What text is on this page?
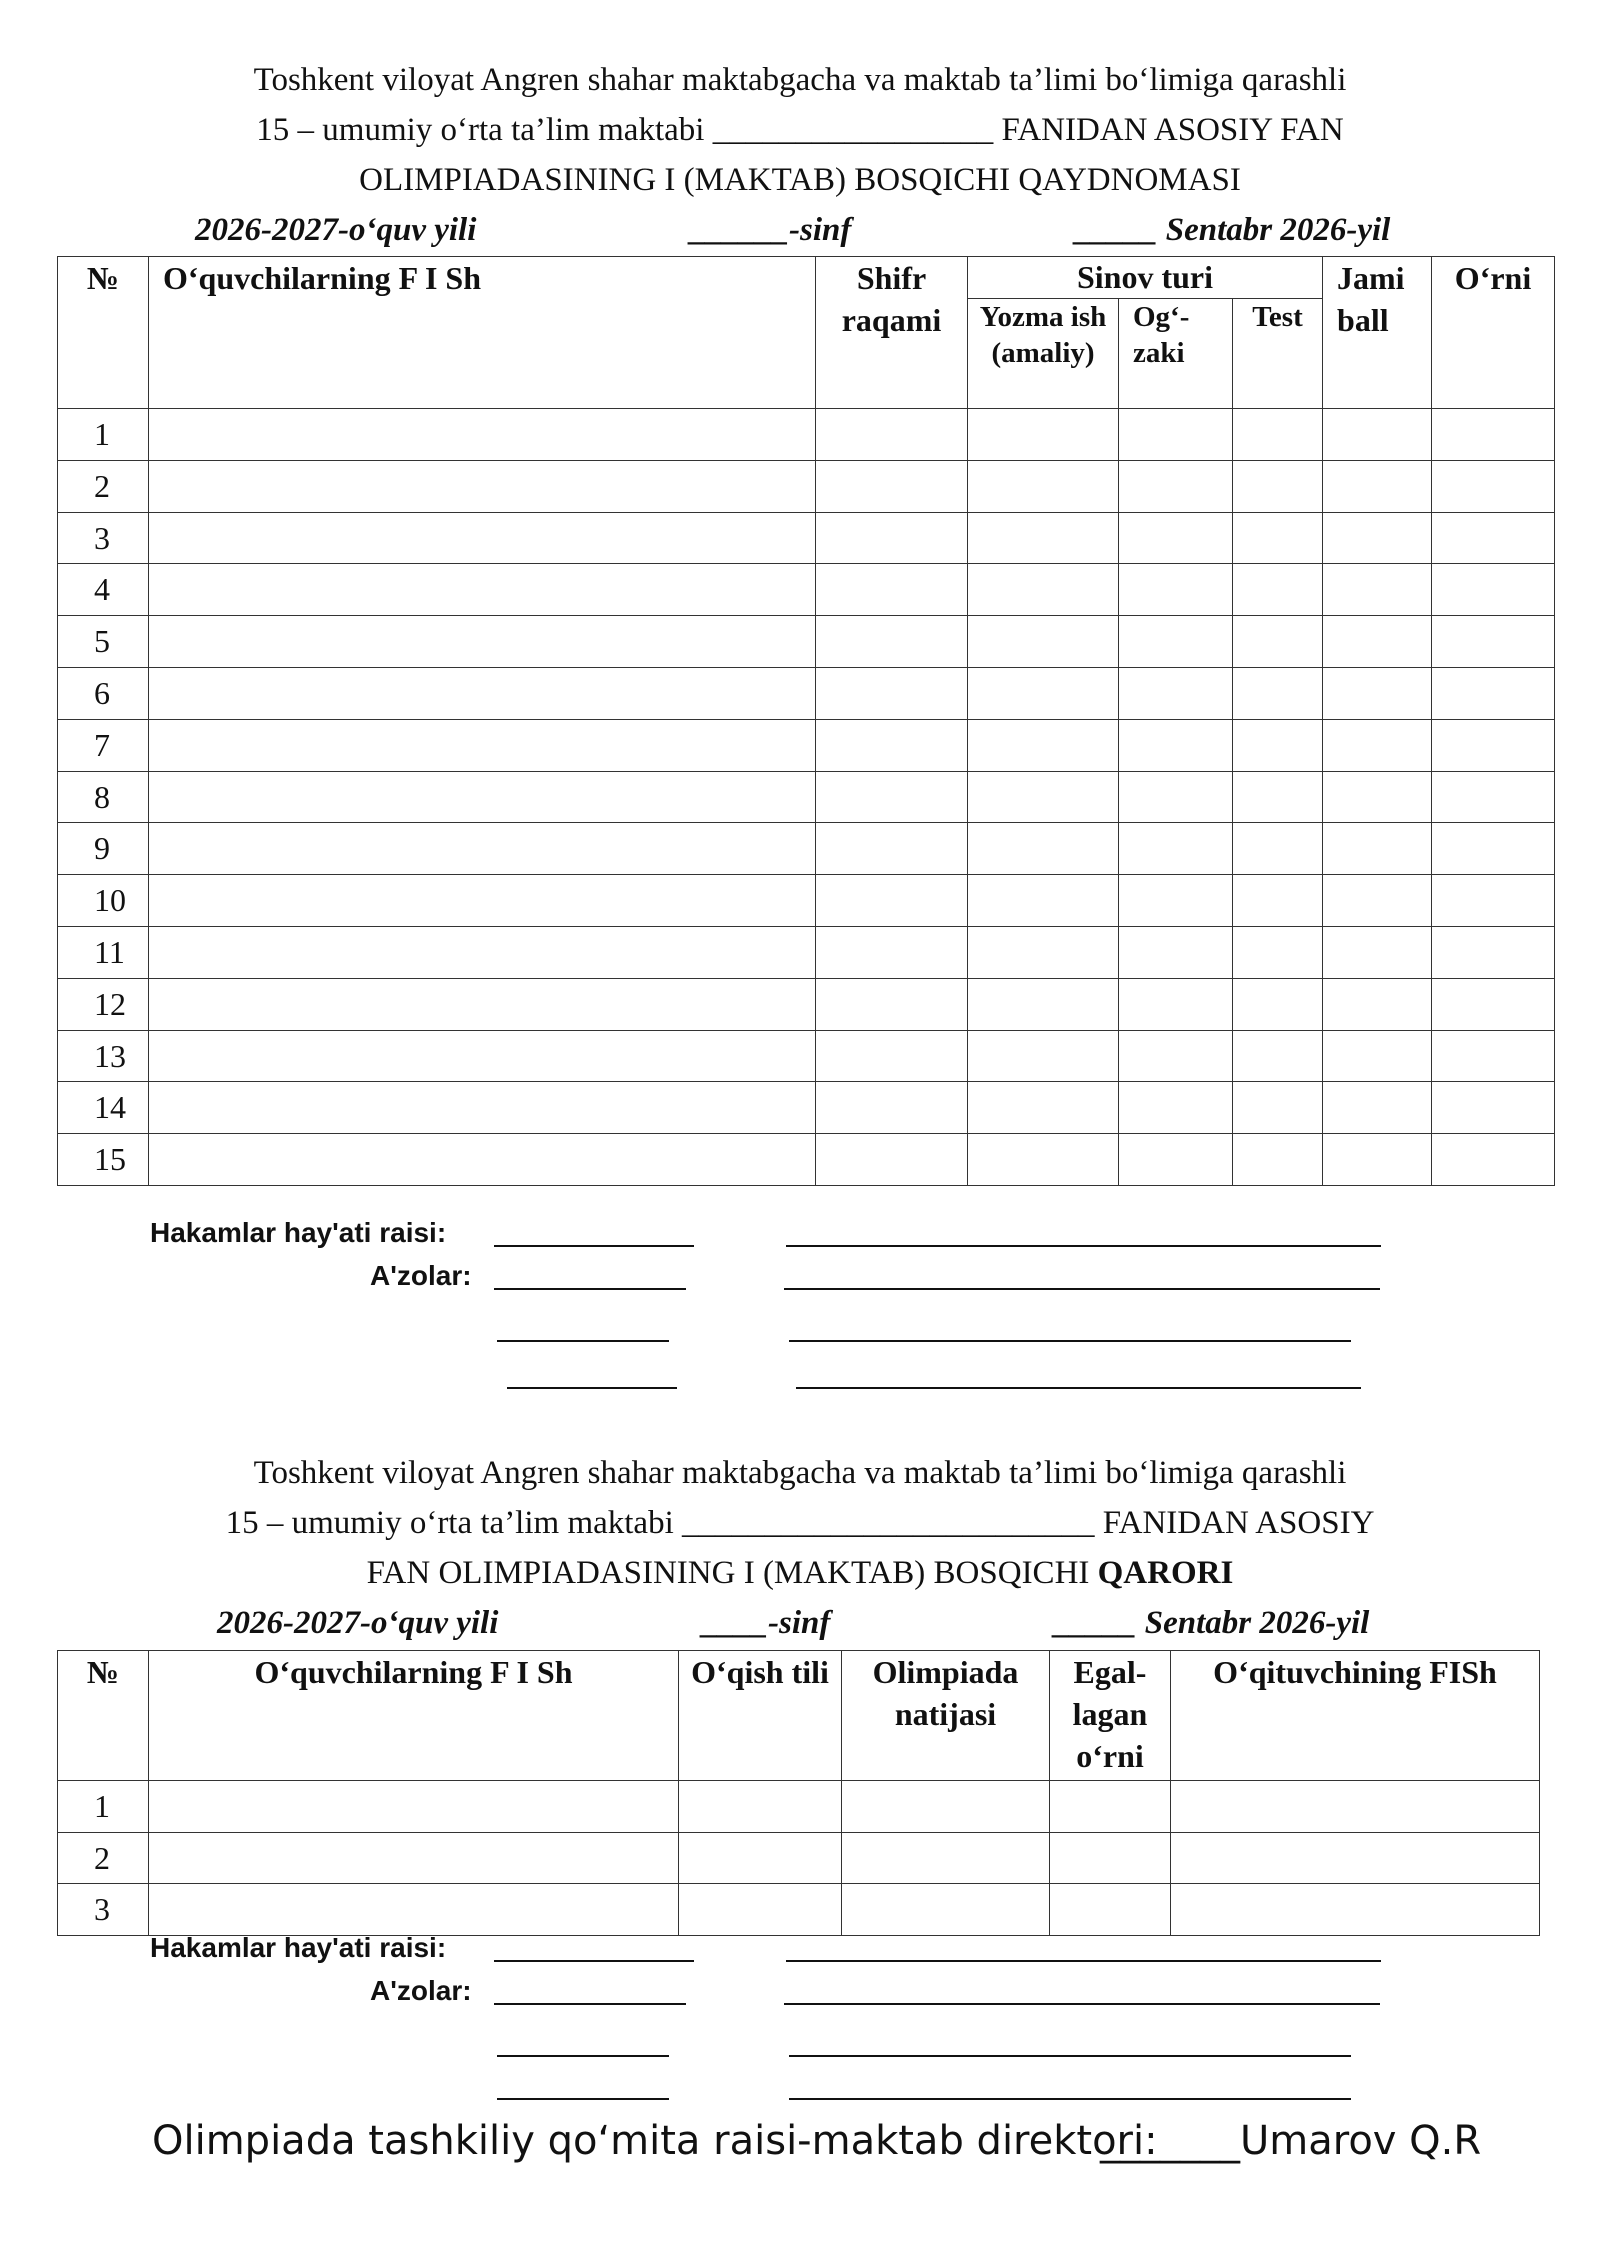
Toshkent viloyat Angren shahar maktabgacha va maktab ta’limi bo‘limiga qarashli
15 – umumiy o‘rta ta’lim maktabi _________________ FANIDAN ASOSIY FAN
OLIMPIADASINING I (MAKTAB) BOSQICHI QAYDNOMASI
2026-2027-o‘quv yili	______-sinf	_____ Sentabr 2026-yil
№	O‘quvchilarning F I Sh	Shifr raqami	Sinov turi			Jami ball	O‘rni
			Yozma ish (amaliy)	Og‘-zaki	Test		
1							
2							
3							
4							
5							
6							
7							
8							
9							
10							
11							
12							
13							
14							
15							
Hakamlar hay'ati raisi:
A'zolar:
Toshkent viloyat Angren shahar maktabgacha va maktab ta’limi bo‘limiga qarashli
15 – umumiy o‘rta ta’lim maktabi _________________________ FANIDAN ASOSIY
FAN OLIMPIADASINING I (MAKTAB) BOSQICHI QARORI
2026-2027-o‘quv yili	____-sinf	_____ Sentabr 2026-yil
№	O‘quvchilarning F I Sh	O‘qish tili	Olimpiada natijasi	Egal-lagan o‘rni	O‘qituvchining FISh
1					
2					
3					
Hakamlar hay'ati raisi:
A'zolar:
Olimpiada tashkiliy qo‘mita raisi-maktab direktori:
_______Umarov Q.R
